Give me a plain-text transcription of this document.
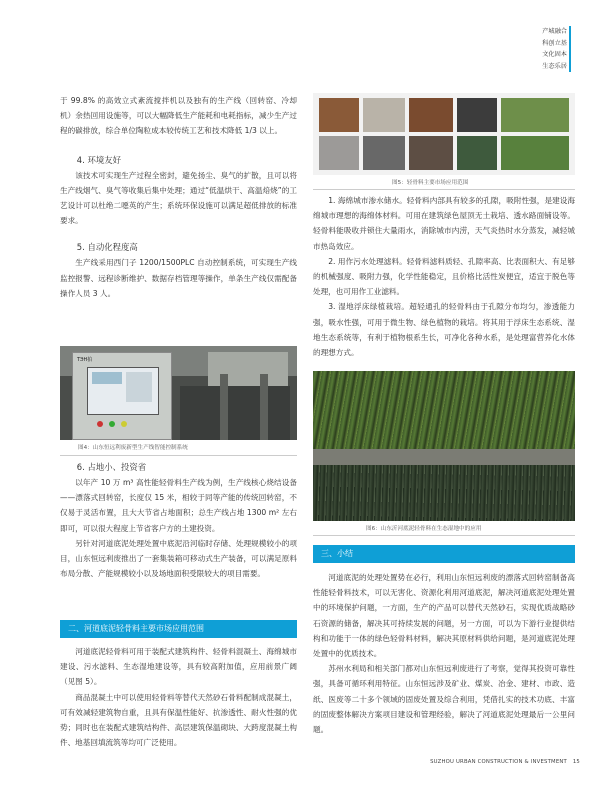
产城融合
科创立基
文化固本
生态乐居

于 99.8% 的高效立式紊流搅拌机以及独有的生产线（回转窑、冷却机）余热回用设施等，可以大幅降低生产能耗和电耗指标，减少生产过程的碳排放，综合单位陶粒成本较传统工艺和技术降低 1/3 以上。

4. 环境友好

该技术可实现生产过程全密封，避免扬尘、臭气的扩散，且可以将生产线烟气、臭气等收集后集中处理；通过“低温烘干、高温焙烧”的工艺设计可以杜绝二噁英的产生；系统环保设施可以满足超低排放的标准要求。

5. 自动化程度高

生产线采用西门子 1200/1500PLC 自动控制系统，可实现生产线监控报警、远程诊断维护、数据存档管理等操作，单条生产线仅需配备操作人员 3 人。

ТЭН拍
图4：山东恒远利废新型生产线智能控制系统

6. 占地小、投资省

以年产 10 万 m³ 高性能轻骨料生产线为例，生产线核心烧结设备——漂落式回转窑，长度仅 15 米，相较于同等产能的传统回转窑，不仅易于灵活布置，且大大节省占地面积；总生产线占地 1300 m² 左右即可，可以很大程度上节省客户方的土建投资。

另针对河道底泥处理处置中底泥沿河临时存储、处理规模较小的项目，山东恒远利废推出了一套集装箱可移动式生产装备，可以满足原料布局分散、产能规模较小以及场地面积受限较大的项目需要。

二、河道底泥轻骨料主要市场应用范围

河道底泥轻骨料可用于装配式建筑构件、轻骨料混凝土、海绵城市建设、污水滤料、生态湿地建设等，具有较高附加值，应用前景广阔（见图 5）。

商品混凝土中可以使用轻骨料等替代天然砂石骨料配制成混凝土，可有效减轻建筑物自重，且具有保温性能好、抗渗透性、耐火性强的优势；同时也在装配式建筑结构件、高层建筑保温砌块、大跨度混凝土构件、地基回填流筑等均可广泛使用。

图5：轻骨料主要市场应用范围

1. 海绵城市渗水储水。轻骨料内部具有较多的孔隙，吸附性强，是建设海绵城市理想的海绵体材料。可用在建筑绿色屋顶无土栽培、透水路面铺设等。轻骨料能吸收并锁住大量雨水，消除城市内涝，天气炎热时水分蒸发，减轻城市热岛效应。

2. 用作污水处理滤料。轻骨料滤料质轻、孔隙率高、比表面积大、有足够的机械强度、吸附力强，化学性能稳定，且价格比活性炭便宜，适宜于脱色等处理，也可用作工业滤料。

3. 湿地浮床绿植栽培。超轻通孔的轻骨料由于孔隙分布均匀，渗透能力强，吸水性强，可用于微生物、绿色植物的栽培。将其用于浮床生态系统、湿地生态系统等，有利于植物根系生长，可净化各种水系，是处理富营养化水体的理想方式。

图6：山东沂河底泥轻骨料在生态湿地中的应用
三、小结

河道底泥的处理处置势在必行，利用山东恒远利废的漂落式回转窑制备高性能轻骨料技术，可以无害化、资源化利用河道底泥，解决河道底泥处理处置中的环境保护问题，一方面，生产的产品可以替代天然砂石，实现优质战略砂石资源的储备，解决其可持续发展的问题，另一方面，可以为下游行业提供结构和功能于一体的绿色轻骨料材料，解决其原材料供给问题，是河道底泥处理处置中的优质技术。

苏州水利局和相关部门都对山东恒远利废进行了考察，觉得其投资可靠性强，具备可循环利用特征。山东恒远涉及矿业、煤炭、冶金、建材、市政、造纸、医废等二十多个领域的固废处置及综合利用，凭借扎实的技术功底、丰富的固废整体解决方案项目建设和管理经验，解决了河道底泥处理最后一公里问题。

SUZHOU URBAN CONSTRUCTION & INVESTMENT 15
